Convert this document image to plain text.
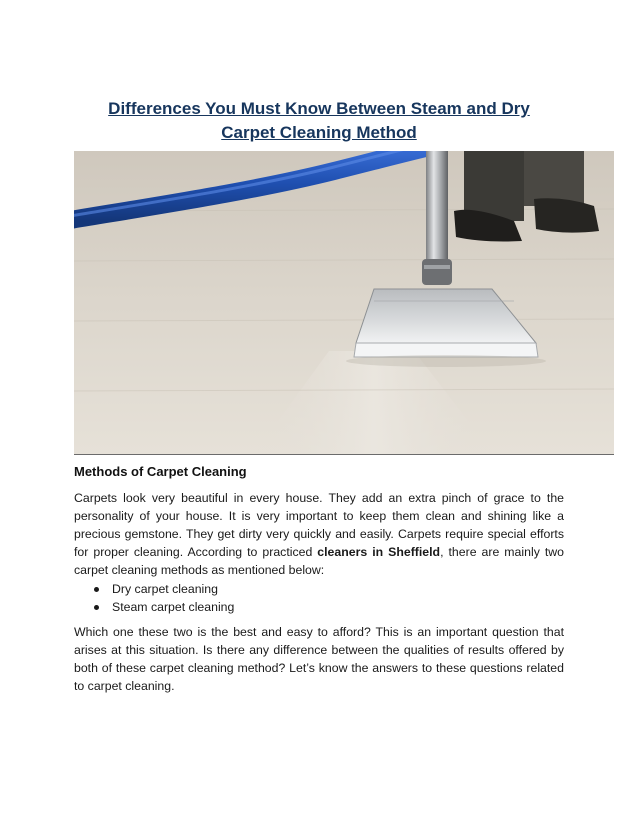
Differences You Must Know Between Steam and Dry
Carpet Cleaning Method
Methods of Carpet Cleaning
Carpets look very beautiful in every house. They add an extra pinch of grace to the personality of your house. It is very important to keep them clean and shining like a precious gemstone. They get dirty very quickly and easily. Carpets require special efforts for proper cleaning. According to practiced cleaners in Sheffield, there are mainly two carpet cleaning methods as mentioned below:
Dry carpet cleaning
Steam carpet cleaning
Which one these two is the best and easy to afford? This is an important question that arises at this situation. Is there any difference between the qualities of results offered by both of these carpet cleaning method? Let’s know the answers to these questions related to carpet cleaning.
